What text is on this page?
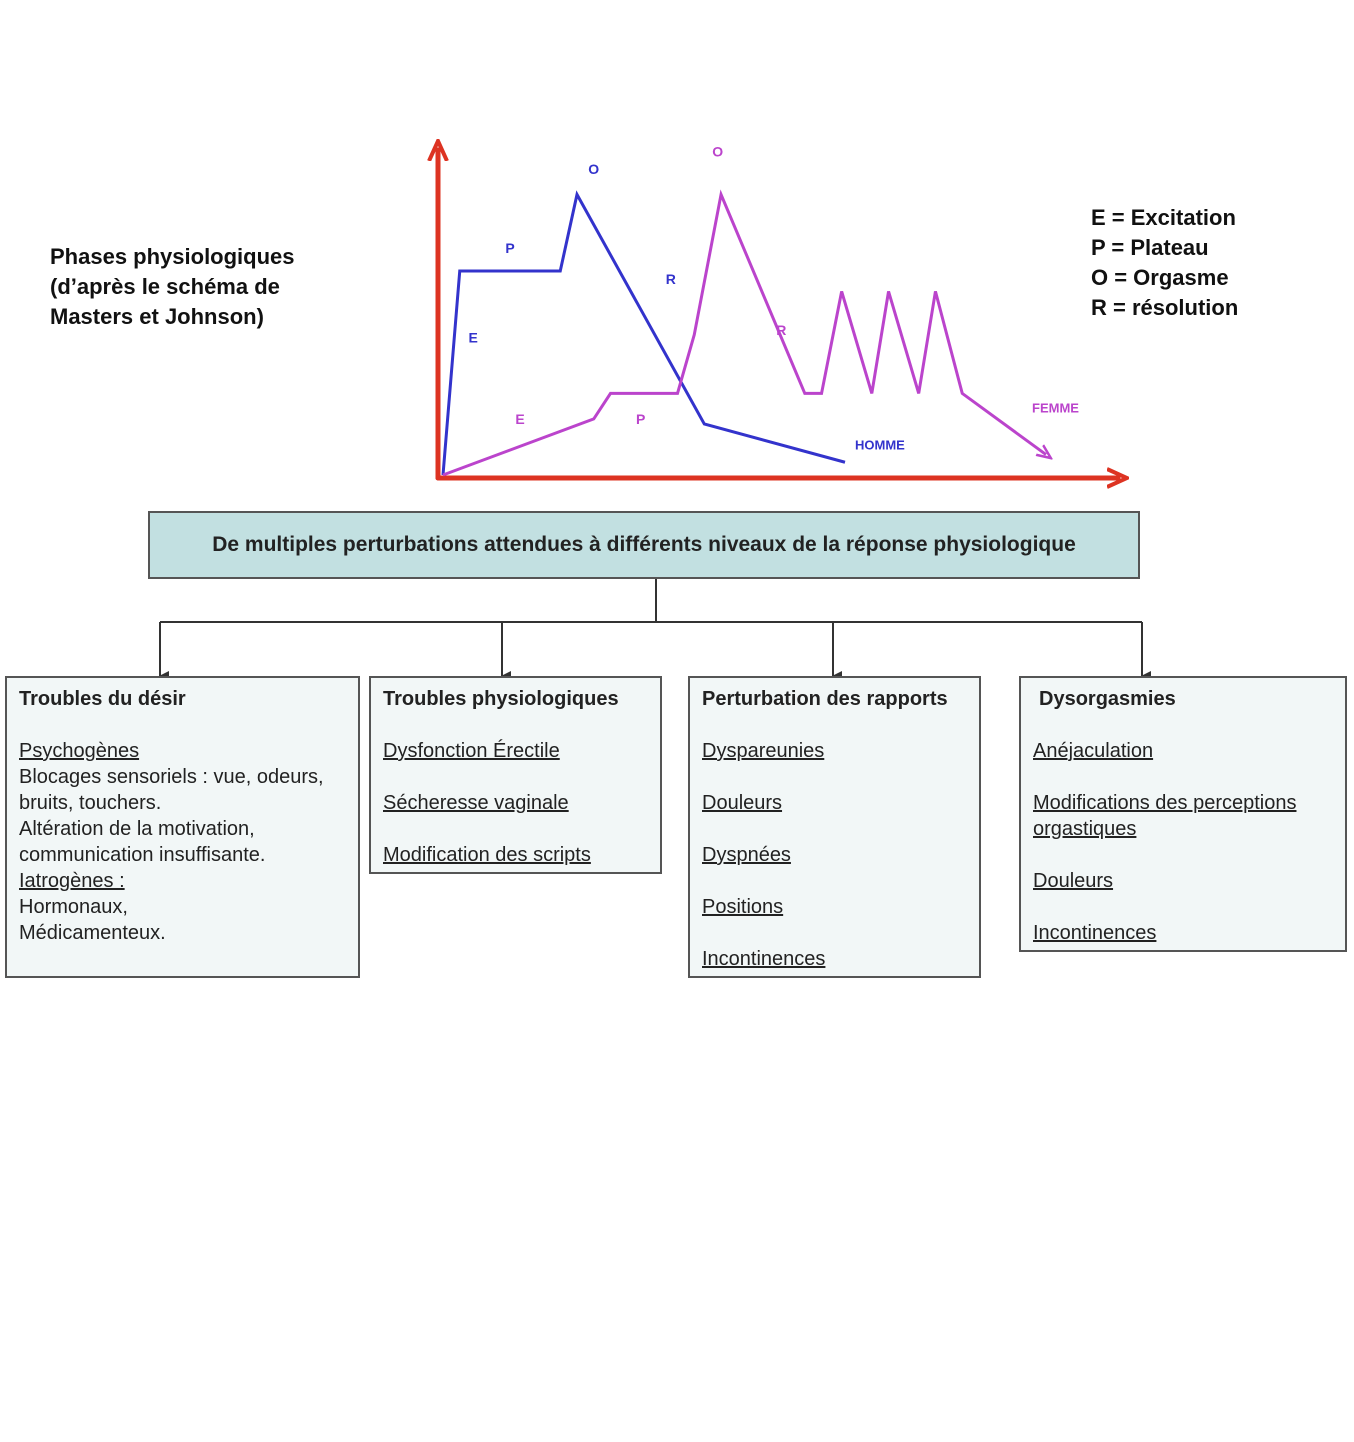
Phases physiologiques
(d’après le schéma de
Masters et Johnson)
E = Excitation
P = Plateau
O = Orgasme
R = résolution
E
P
O
R
HOMME
E	P
O
R
FEMME
De multiples perturbations attendues à différents niveaux de la réponse physiologique
Troubles du désir
Psychogènes
Blocages sensoriels : vue, odeurs,
bruits, touchers.
Altération de la motivation,
communication insuffisante.
Iatrogènes :
Hormonaux,
Médicamenteux.
Troubles physiologiques
Dysfonction Érectile
Sécheresse vaginale
Modification des scripts
Perturbation des rapports
Dyspareunies
Douleurs
Dyspnées
Positions
Incontinences
Dysorgasmies
Anéjaculation
Modifications des perceptions orgastiques
Douleurs
Incontinences
